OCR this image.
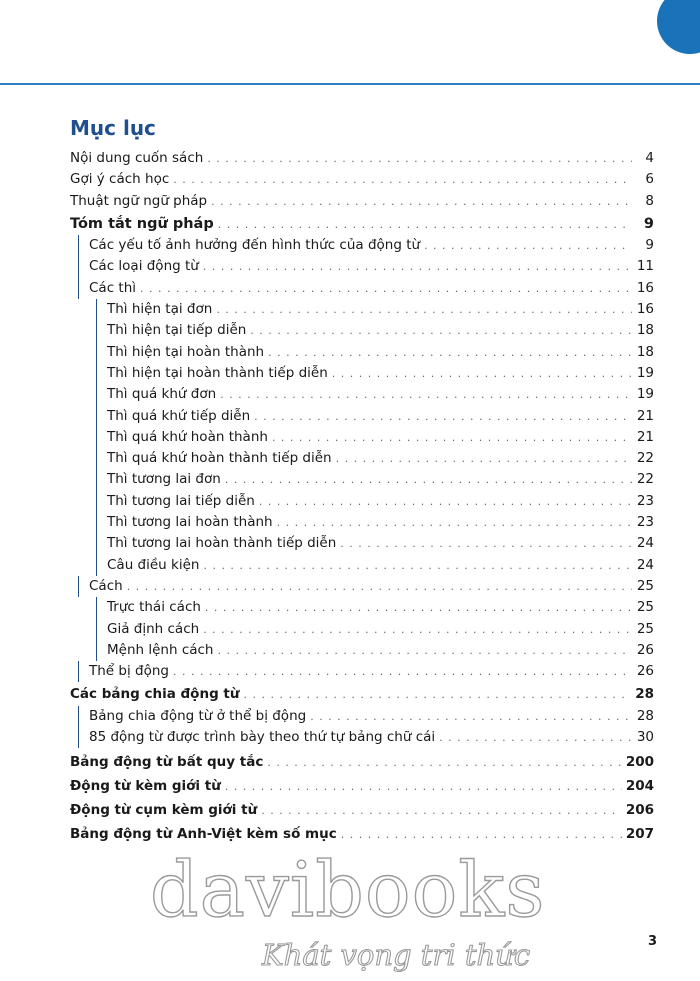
Mục lục
Nội dung cuốn sách . . .	4
Gợi ý cách học . . .	6
Thuật ngữ ngữ pháp . . .	8
Tóm tắt ngữ pháp . . .	9
Các yếu tố ảnh hưởng đến hình thức của động từ . . .	9
Các loại động từ . . .	11
Các thì . . .	16
Thì hiện tại đơn . . .	16
Thì hiện tại tiếp diễn . . .	18
Thì hiện tại hoàn thành . . .	18
Thì hiện tại hoàn thành tiếp diễn . . .	19
Thì quá khứ đơn . . .	19
Thì quá khứ tiếp diễn . . .	21
Thì quá khứ hoàn thành . . .	21
Thì quá khứ hoàn thành tiếp diễn . . .	22
Thì tương lai đơn . . .	22
Thì tương lai tiếp diễn . . .	23
Thì tương lai hoàn thành . . .	23
Thì tương lai hoàn thành tiếp diễn . . .	24
Câu điều kiện . . .	24
Cách . . .	25
Trực thái cách . . .	25
Giả định cách . . .	25
Mệnh lệnh cách . . .	26
Thể bị động . . .	26
Các bảng chia động từ . . .	28
Bảng chia động từ ở thể bị động . . .	28
85 động từ được trình bày theo thứ tự bảng chữ cái . . .	30
Bảng động từ bất quy tắc . . .	200
Động từ kèm giới từ . . .	204
Động từ cụm kèm giới từ . . .	206
Bảng động từ Anh-Việt kèm số mục . . .	207
davibooks
Khát vọng tri thức	3
